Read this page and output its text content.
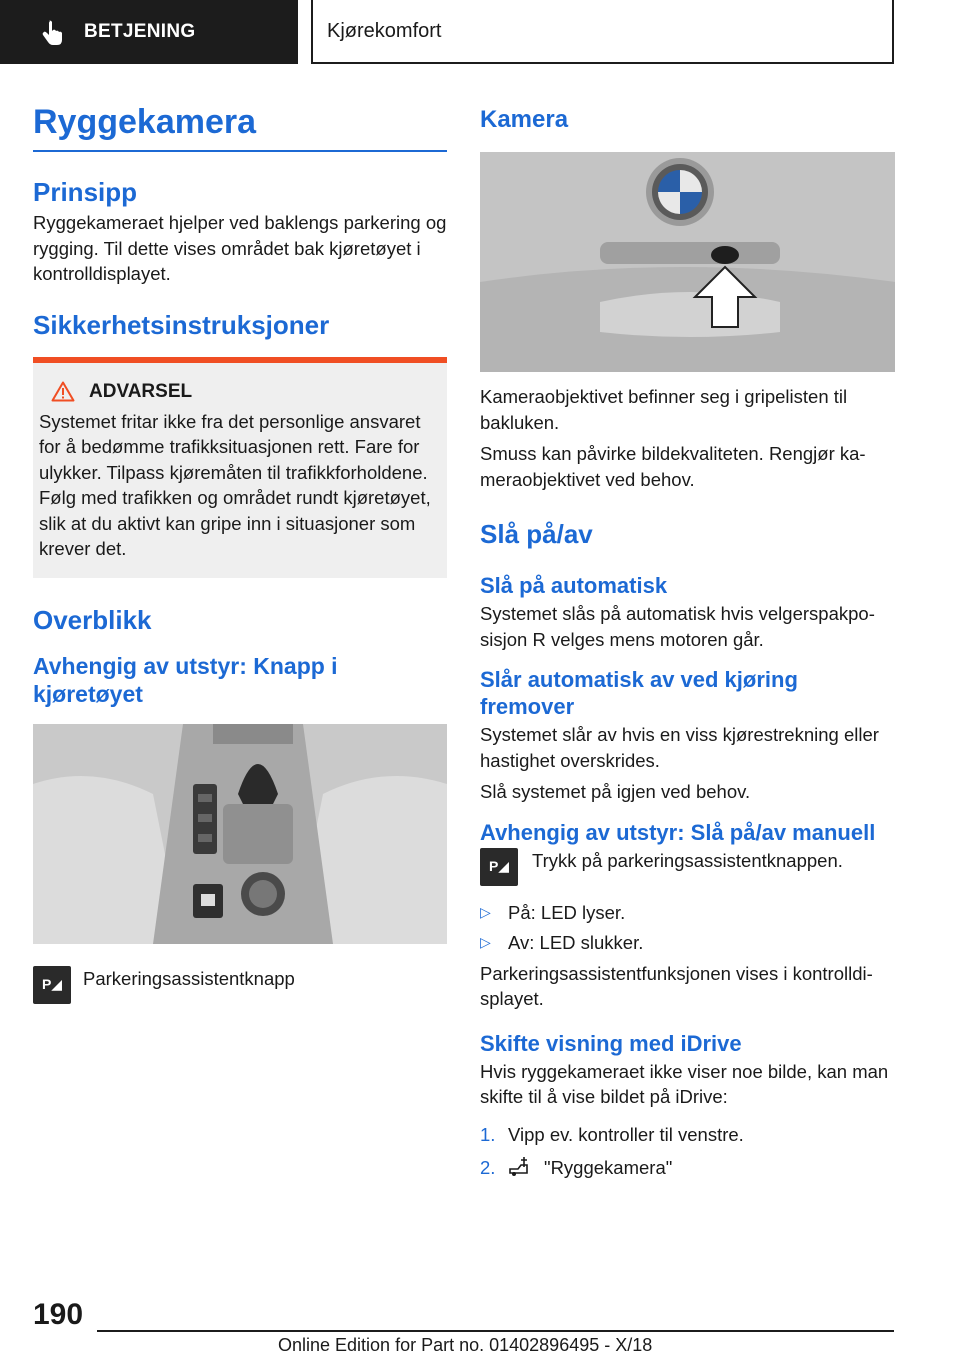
BETJENING	Kjørekomfort
Ryggekamera
Prinsipp

Ryggekameraet hjelper ved baklengs parkering og rygging. Til dette vises området bak kjøretøyet i kontrolldisplayet.

Sikkerhetsinstruksjoner
ADVARSEL

Systemet fritar ikke fra det personlige ansvaret for å bedømme trafikksituasjonen rett. Fare for ulykker. Tilpass kjøremåten til trafikkforholdene. Følg med trafikken og området rundt kjøretøyet, slik at du aktivt kan gripe inn i situasjoner som krever det.

Overblikk
Avhengig av utstyr: Knapp i kjøretøyet
P◢ Parkeringsassistentknapp

Kamera

Kameraobjektivet befinner seg i gripelisten til bakluken.

Smuss kan påvirke bildekvaliteten. Rengjør kameraobjektivet ved behov.

Slå på/av
Slå på automatisk

Systemet slås på automatisk hvis velgerspakposisjon R velges mens motoren går.

Slår automatisk av ved kjøring fremover

Systemet slår av hvis en viss kjørestrekning eller hastighet overskrides.

Slå systemet på igjen ved behov.

Avhengig av utstyr: Slå på/av manuell
P◢ Trykk på parkeringsassistentknappen.

▷ På: LED lyser.
▷ Av: LED slukker.

Parkeringsassistentfunksjonen vises i kontrolldisplayet.

Skifte visning med iDrive

Hvis ryggekameraet ikke viser noe bilde, kan man skifte til å vise bildet på iDrive:

1. Vipp ev. kontroller til venstre.
2.	"Ryggekamera"
190
Online Edition for Part no. 01402896495 - X/18
